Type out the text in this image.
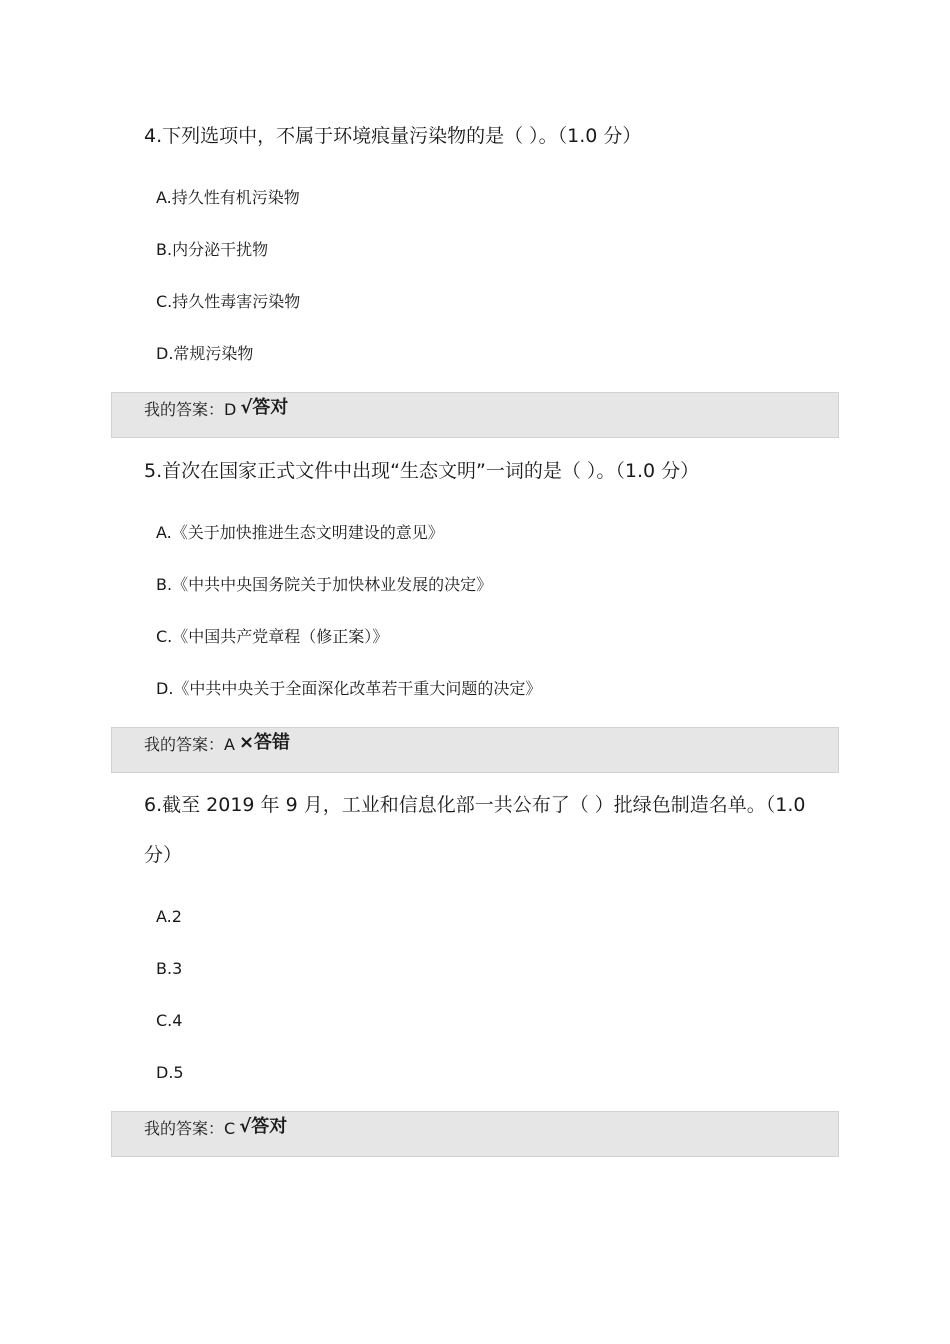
4.下列选项中，不属于环境痕量污染物的是（ ）。（1.0 分）
A.持久性有机污染物
B.内分泌干扰物
C.持久性毒害污染物
D.常规污染物
我的答案：D √答对
5.首次在国家正式文件中出现“生态文明”一词的是（ ）。（1.0 分）
A.《关于加快推进生态文明建设的意见》
B.《中共中央国务院关于加快林业发展的决定》
C.《中国共产党章程（修正案）》
D.《中共中央关于全面深化改革若干重大问题的决定》
我的答案：A ×答错
6.截至 2019 年 9 月，工业和信息化部一共公布了（ ）批绿色制造名单。（1.0 分）
A.2
B.3
C.4
D.5
我的答案：C √答对
